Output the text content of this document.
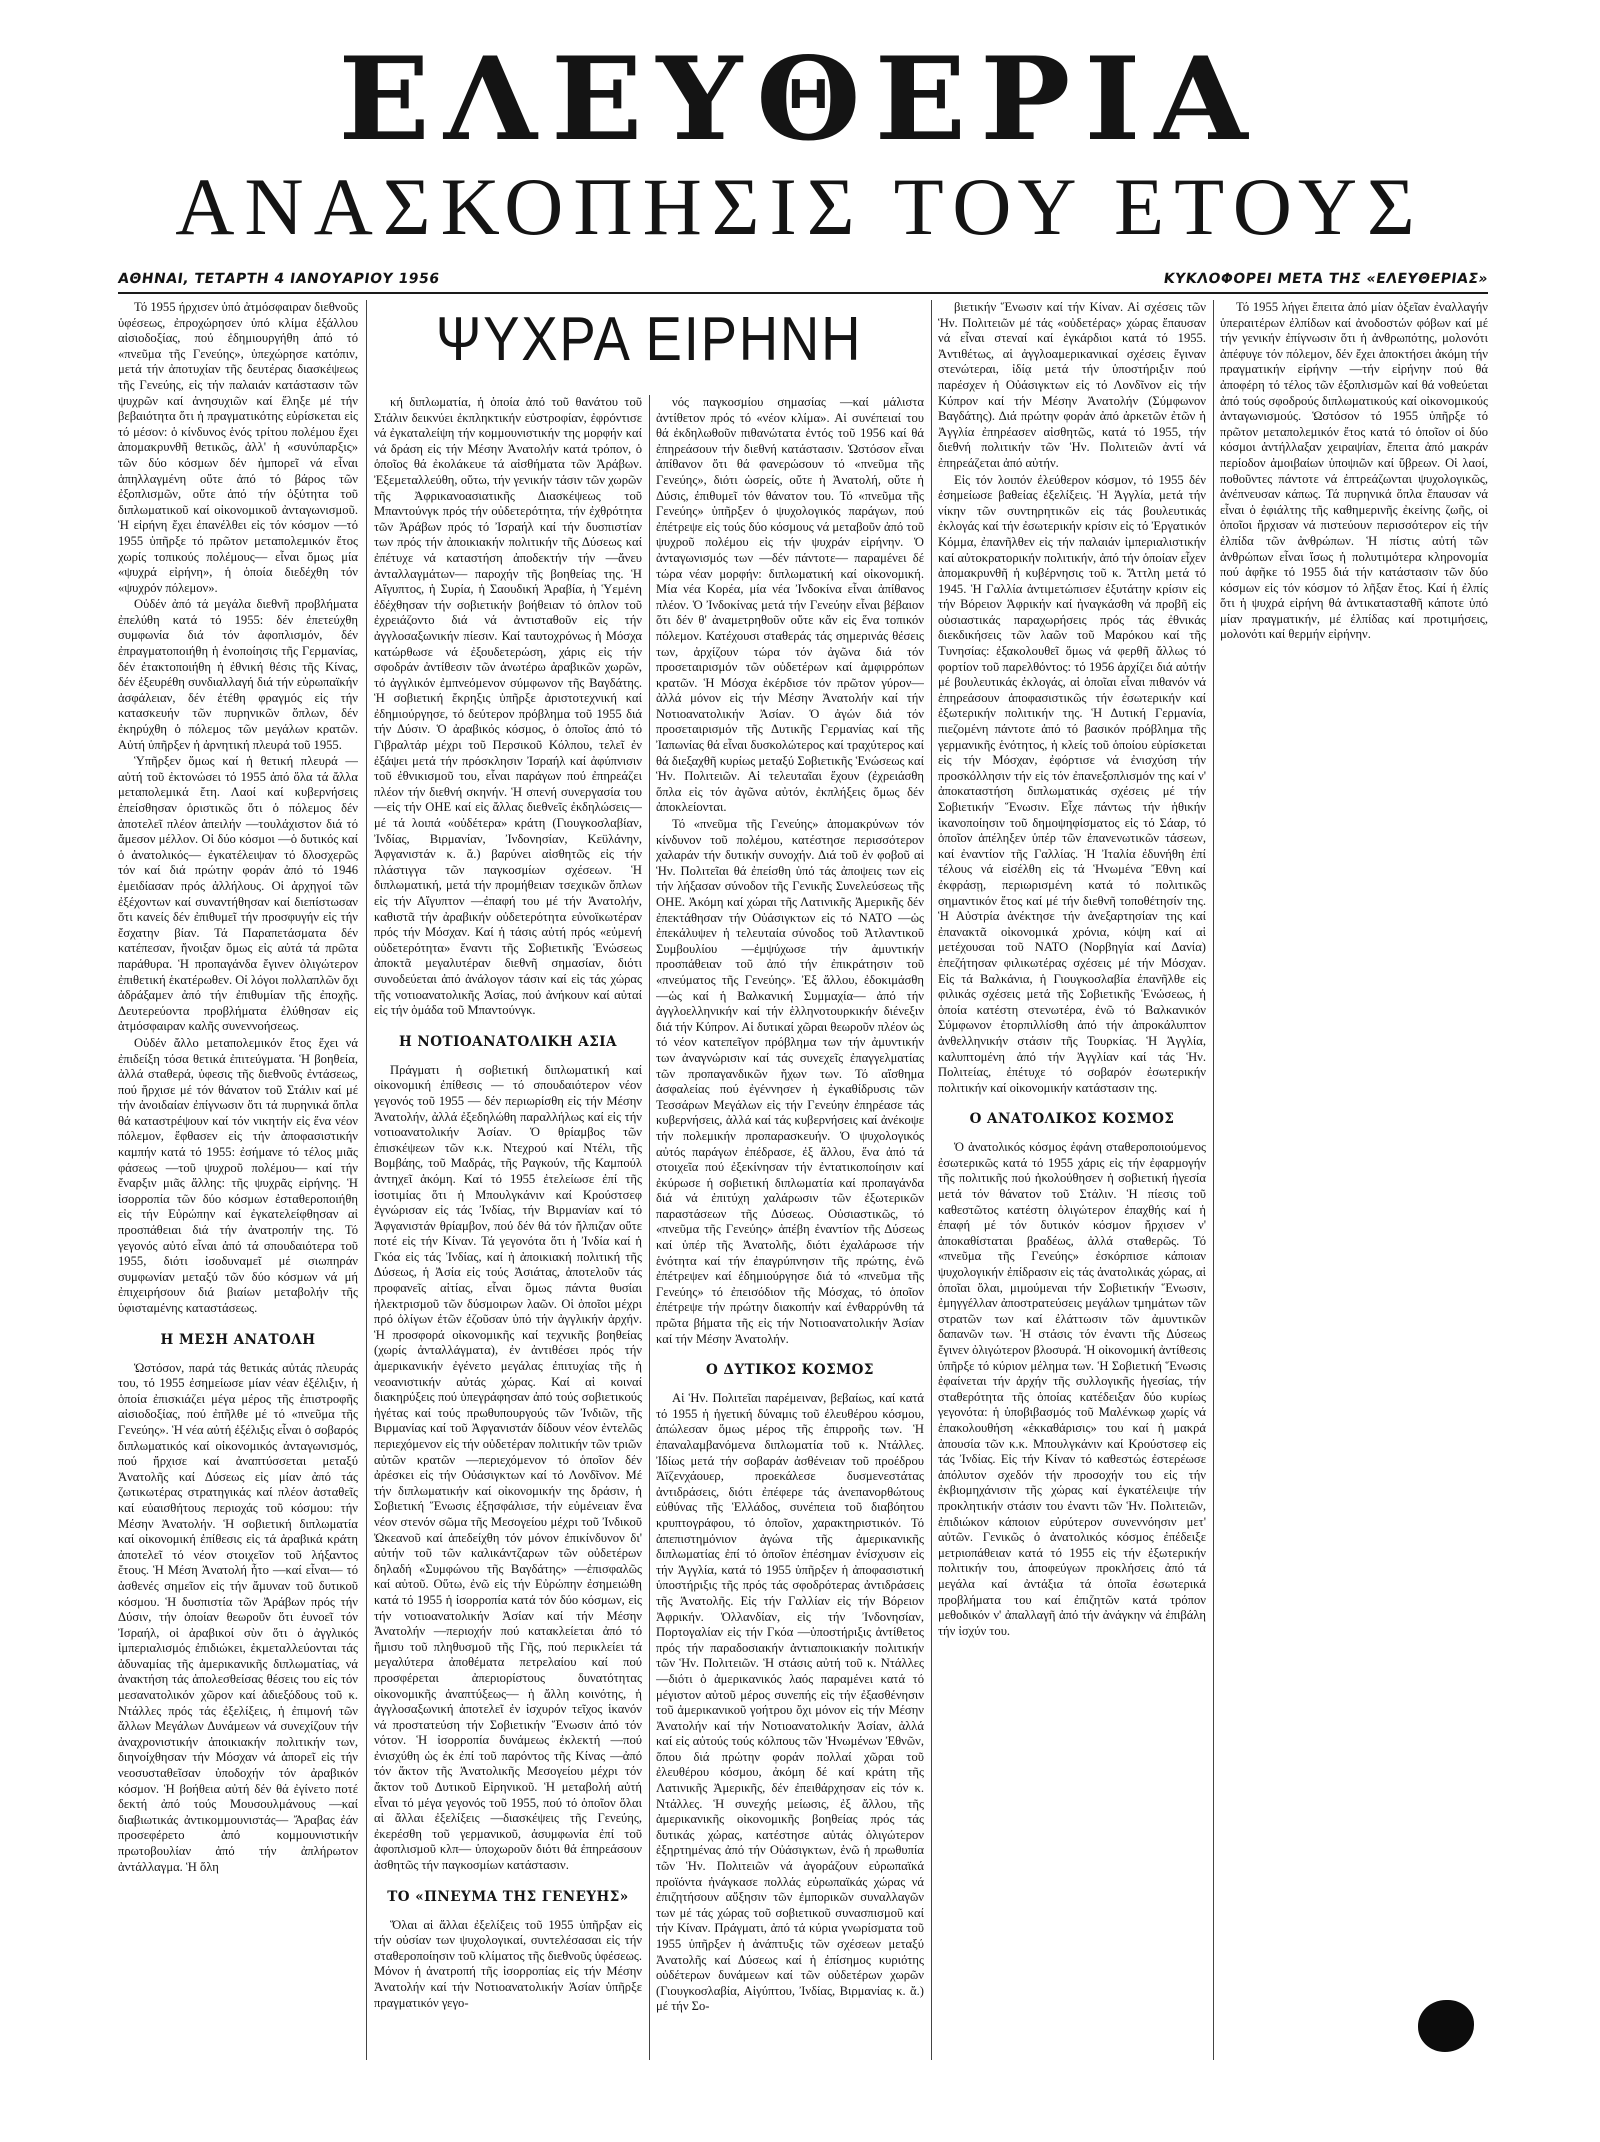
ΕΛΕΥΘΕΡΙΑ
ΑΝΑΣΚΟΠΗΣΙΣ ΤΟΥ ΕΤΟΥΣ
ΑΘΗΝΑΙ, ΤΕΤΑΡΤΗ 4 ΙΑΝΟΥΑΡΙΟΥ 1956	ΚΥΚΛΟΦΟΡΕΙ ΜΕΤΑ ΤΗΣ «ΕΛΕΥΘΕΡΙΑΣ»
ΨΥΧΡΑ ΕΙΡΗΝΗ

Τό 1955 ήρχισεν ὑπό ἀτμόσφαιραν διεθνοῦς ὑφέσεως, ἐπροχώρησεν ὑπό κλίμα ἐξάλλου αἰσιοδοξίας, πού ἐδημιουργήθη ἀπό τό «πνεῦμα τῆς Γενεύης», ὑπεχώρησε κατόπιν, μετά τήν ἀποτυχίαν τῆς δευτέρας διασκέψεως τῆς Γενεύης, εἰς τήν παλαιάν κατάστασιν τῶν ψυχρῶν καί ἀνησυχιῶν καί ἔληξε μέ τήν βεβαιότητα ὅτι ἡ πραγματικότης εὑρίσκεται εἰς τό μέσον: ὁ κίνδυνος ἑνός τρίτου πολέμου ἔχει ἀπομακρυνθῆ θετικῶς, ἀλλ' ἡ «συνύπαρξις» τῶν δύο κόσμων δέν ἠμπορεῖ νά εἶναι ἁπηλλαγμένη οὔτε ἀπό τό βάρος τῶν ἐξοπλισμῶν, οὔτε ἀπό τήν ὀξύτητα τοῦ διπλωματικοῦ καί οἰκονομικοῦ ἀνταγωνισμοῦ. Ἡ εἰρήνη ἔχει ἐπανέλθει εἰς τόν κόσμον —τό 1955 ὑπῆρξε τό πρῶτον μεταπολεμικόν ἔτος χωρίς τοπικούς πολέμους— εἶναι ὅμως μία «ψυχρά εἰρήνη», ἡ ὁποία διεδέχθη τόν «ψυχρόν πόλεμον».

Οὐδέν ἀπό τά μεγάλα διεθνῆ προβλήματα ἐπελύθη κατά τό 1955: δέν ἐπετεύχθη συμφωνία διά τόν ἀφοπλισμόν, δέν ἐπραγματοποιήθη ἡ ἑνοποίησις τῆς Γερμανίας, δέν ἐτακτοποιήθη ἡ ἐθνική θέσις τῆς Κίνας, δέν ἐξευρέθη συνδιαλλαγή διά τήν εὐρωπαϊκήν ἀσφάλειαν, δέν ἐτέθη φραγμός εἰς τήν κατασκευήν τῶν πυρηνικῶν ὅπλων, δέν ἐκηρύχθη ὁ πόλεμος τῶν μεγάλων κρατῶν. Αὐτή ὑπῆρξεν ἡ ἀρνητική πλευρά τοῦ 1955.

Ὑπῆρξεν ὅμως καί ἡ θετική πλευρά — αὐτή τοῦ ἐκτονώσει τό 1955 ἀπό ὅλα τά ἄλλα μεταπολεμικά ἔτη. Λαοί καί κυβερνήσεις ἐπείσθησαν ὁριστικῶς ὅτι ὁ πόλεμος δέν ἀποτελεῖ πλέον ἀπειλήν —τουλάχιστον διά τό ἄμεσον μέλλον. Οἱ δύο κόσμοι —ὁ δυτικός καί ὁ ἀνατολικός— ἐγκατέλειψαν τό δλοσχερῶς τόν καί διά πρώτην φοράν ἀπό τό 1946 ἐμειδίασαν πρός ἀλλήλους. Οἱ ἀρχηγοί τῶν ἐξέχοντων καί συναντήθησαν καί διεπίστωσαν ὅτι κανείς δέν ἐπιθυμεῖ τήν προσφυγήν εἰς τήν ἔσχατην βίαν. Τά Παραπετάσματα δέν κατέπεσαν, ἤνοιξαν ὅμως εἰς αὐτά τά πρῶτα παράθυρα. Ἡ προπαγάνδα ἔγινεν ὀλιγώτερον ἐπιθετική ἑκατέρωθεν. Οἱ λόγοι πολλαπλῶν ὄχι ἀδράξαμεν ἀπό τήν ἐπιθυμίαν τῆς ἐποχῆς. Δευτερεύοντα προβλήματα ἐλύθησαν εἰς ἀτμόσφαιραν καλῆς συνεννοήσεως.

Οὐδέν ἄλλο μεταπολεμικόν ἔτος ἔχει νά ἐπιδείξη τόσα θετικά ἐπιτεύγματα. Ἡ βοηθεία, ἀλλά σταθερά, ὑφεσις τῆς διεθνοῦς ἐντάσεως, πού ἤρχισε μέ τόν θάνατον τοῦ Στάλιν καί μέ τήν ἀνοιδαίαν ἐπίγνωσιν ὅτι τά πυρηνικά ὅπλα θά καταστρέψουν καί τόν νικητήν εἰς ἕνα νέον πόλεμον, ἔφθασεν εἰς τήν ἀποφασιστικήν καμπήν κατά τό 1955: ἐσήμανε τό τέλος μιᾶς φάσεως —τοῦ ψυχροῦ πολέμου— καί τήν ἔναρξιν μιᾶς ἄλλης: τῆς ψυχρᾶς εἰρήνης. Ἡ ἰσορροπία τῶν δύο κόσμων ἐσταθεροποιήθη εἰς τήν Εὐρώπην καί ἐγκατελείφθησαν αἱ προσπάθειαι διά τήν ἀνατροπήν της. Τό γεγονός αὐτό εἶναι ἀπό τά σπουδαιότερα τοῦ 1955, διότι ἰσοδυναμεῖ μέ σιωπηράν συμφωνίαν μεταξύ τῶν δύο κόσμων νά μή ἐπιχειρήσουν διά βιαίων μεταβολήν τῆς ὑφισταμένης καταστάσεως.

Η ΜΕΣΗ ΑΝΑΤΟΛΗ

Ὡστόσον, παρά τάς θετικάς αὐτάς πλευράς του, τό 1955 ἐσημείωσε μίαν νέαν ἐξέλιξιν, ἡ ὁποία ἐπισκιάζει μέγα μέρος τῆς ἐπιστροφῆς αἰσιοδοξίας, πού ἐπῆλθε μέ τό «πνεῦμα τῆς Γενεύης». Ἡ νέα αὐτή ἐξέλιξις εἶναι ὁ σοβαρός διπλωματικός καί οἰκονομικός ἀνταγωνισμός, πού ἤρχισε καί ἀναπτύσσεται μεταξύ Ἀνατολῆς καί Δύσεως εἰς μίαν ἀπό τάς ζωτικωτέρας στρατηγικάς καί πλέον ἀσταθεῖς καί εὐαισθήτους περιοχάς τοῦ κόσμου: τήν Μέσην Ἀνατολήν. Ἡ σοβιετική διπλωματία καί οἰκονομική ἐπίθεσις εἰς τά ἀραβικά κράτη ἀποτελεῖ τό νέον στοιχεῖον τοῦ λήξαντος ἔτους. Ἡ Μέση Ἀνατολή ἦτο —καί εἶναι— τό ἀσθενές σημεῖον εἰς τήν ἄμυναν τοῦ δυτικοῦ κόσμου. Ἡ δυσπιστία τῶν Ἀράβων πρός τήν Δύσιν, τήν ὁποίαν θεωροῦν ὅτι ἐυνοεῖ τόν Ἰσραήλ, οἱ ἀραβικοί σὺν ὅτι ὁ ἀγγλικός ἰμπεριαλισμός ἐπιδιώκει, ἐκμεταλλεύονται τάς ἀδυναμίας τῆς ἀμερικανικῆς διπλωματίας, νά ἀνακτήση τάς ἀπολεσθείσας θέσεις του εἰς τόν μεσανατολικόν χῶρον καί ἀδιεξόδους τοῦ κ. Ντάλλες πρός τάς ἐξελίξεις, ἡ ἐπιμονή τῶν ἄλλων Μεγάλων Δυνάμεων νά συνεχίζουν τήν ἀναχρονιστικήν ἀποικιακήν πολιτικήν των, διηνοίχθησαν τήν Μόσχαν νά ἀπορεῖ εἰς τήν νεοσυσταθεῖσαν ὑποδοχήν τόν ἀραβικόν κόσμον. Ἡ βοήθεια αὐτή δέν θά ἐγίνετο ποτέ δεκτή ἀπό τούς Μουσουλμάνους —καί διαβιωτικάς ἀντικομμουνιστάς— Ἄραβας ἐάν προσεφέρετο ἀπό κομμουνιστικήν πρωτοβουλίαν ἀπό τήν ἀπλήρωτον ἀντάλλαγμα. Ἡ ὅλη

κή διπλωματία, ἡ ὁποία ἀπό τοῦ θανάτου τοῦ Στάλιν δεικνύει ἐκπληκτικήν εὐστροφίαν, ἐφρόντισε νά ἐγκαταλείψη τήν κομμουνιστικήν της μορφήν καί νά δράση εἰς τήν Μέσην Ἀνατολήν κατά τρόπον, ὁ ὁποῖος θά ἐκολάκευε τά αἰσθήματα τῶν Ἀράβων. Ἐξεμεταλλεύθη, οὕτω, τήν γενικήν τάσιν τῶν χωρῶν τῆς Ἀφρικανοασιατικῆς Διασκέψεως τοῦ Μπαντούνγκ πρός τήν οὐδετερότητα, τήν ἐχθρότητα τῶν Ἀράβων πρός τό Ἰσραήλ καί τήν δυσπιστίαν των πρός τήν ἀποικιακήν πολιτικήν τῆς Δύσεως καί ἐπέτυχε νά καταστήση ἀποδεκτήν τήν —ἄνευ ἀνταλλαγμάτων— παροχήν τῆς βοηθείας της. Ἡ Αἴγυπτος, ἡ Συρία, ἡ Σαουδική Ἀραβία, ἡ Ὑεμένη ἐδέχθησαν τήν σοβιετικήν βοήθειαν τό ὁπλον τοῦ ἐχρειάζοντο διά νά ἀντισταθοῦν εἰς τήν ἀγγλοσαξωνικήν πίεσιν. Καί ταυτοχρόνως ἡ Μόσχα κατώρθωσε νά ἐξουδετερώση, χάρις εἰς τήν σφοδράν ἀντίθεσιν τῶν ἀνωτέρω ἀραβικῶν χωρῶν, τό ἀγγλικόν ἐμπνεόμενον σύμφωνον τῆς Βαγδάτης. Ἡ σοβιετική ἔκρηξις ὑπῆρξε ἀριστοτεχνική καί ἐδημιούργησε, τό δεύτερον πρόβλημα τοῦ 1955 διά τήν Δύσιν. Ὁ ἀραβικός κόσμος, ὁ ὁποῖος ἀπό τό Γιβραλτάρ μέχρι τοῦ Περσικοῦ Κόλπου, τελεῖ ἐν ἐξάψει μετά τήν πρόσκλησιν Ἰσραήλ καί ἀφύπνισιν τοῦ ἐθνικισμοῦ του, εἶναι παράγων πού ἐπηρεάζει πλέον τήν διεθνή σκηνήν. Ἡ σπενή συνεργασία του —εἰς τήν ΟΗΕ καί εἰς ἄλλας διεθνεῖς ἐκδηλώσεις— μέ τά λοιπά «οὐδέτερα» κράτη (Γιουγκοσλαβίαν, Ἰνδίας, Βιρμανίαν, Ἰνδονησίαν, Κεϋλάνην, Ἀφγανιστάν κ. ἄ.) βαρύνει αἰσθητῶς εἰς τήν πλάστιγγα τῶν παγκοσμίων σχέσεων. Ἡ διπλωματική, μετά τήν προμήθειαν τσεχικῶν ὅπλων εἰς τήν Αἴγυπτον —ἐπαφή του μέ τήν Ἀνατολήν, καθιστᾶ τήν ἀραβικήν οὐδετερότητα εὐνοϊκωτέραν πρός τήν Μόσχαν. Καί ἡ τάσις αὐτή πρός «εὐμενή οὐδετερότητα» ἔναντι τῆς Σοβιετικῆς Ἑνώσεως ἀποκτᾶ μεγαλυτέραν διεθνῆ σημασίαν, διότι συνοδεύεται ἀπό ἀνάλογον τάσιν καί εἰς τάς χώρας τῆς νοτιοανατολικῆς Ἀσίας, πού ἀνήκουν καί αὐταί εἰς τήν ὁμάδα τοῦ Μπαντούνγκ.

Η ΝΟΤΙΟΑΝΑΤΟΛΙΚΗ ΑΣΙΑ

Πράγματι ἡ σοβιετική διπλωματική καί οἰκονομική ἐπίθεσις — τό σπουδαιότερον νέον γεγονός τοῦ 1955 — δέν περιωρίσθη εἰς τήν Μέσην Ἀνατολήν, ἀλλά ἐξεδηλώθη παραλλήλως καί εἰς τήν νοτιοανατολικήν Ἀσίαν. Ὁ θρίαμβος τῶν ἐπισκέψεων τῶν κ.κ. Ντεχρού καί Ντέλι, τῆς Βομβάης, τοῦ Μαδράς, τῆς Ραγκούν, τῆς Καμπούλ ἀντηχεῖ ἀκόμη. Καί τό 1955 ἐτελείωσε ἐπί τῆς ἰσοτιμίας ὅτι ἡ Μπουλγκάνιν καί Κρούστσεφ ἐγνώρισαν εἰς τάς Ἰνδίας, τήν Βιρμανίαν καί τό Ἀφγανιστάν θρίαμβον, πού δέν θά τόν ἤλπιζαν οὔτε ποτέ εἰς τήν Κίναν. Τά γεγονότα ὅτι ἡ Ἰνδία καί ἡ Γκόα εἰς τάς Ἰνδίας, καί ἡ ἀποικιακή πολιτική τῆς Δύσεως, ἡ Ἀσία εἰς τούς Ἀσιάτας, ἀποτελοῦν τάς προφανεῖς αἰτίας, εἶναι ὅμως πάντα θυσίαι ἠλεκτρισμοῦ τῶν δύσμοιρων λαῶν. Οἱ ὁποῖοι μέχρι πρό ὀλίγων ἐτῶν ἐζοῦσαν ὑπό τήν ἀγγλικήν ἀρχήν. Ἡ προσφορά οἰκονομικῆς καί τεχνικῆς βοηθείας (χωρίς ἀνταλλάγματα), ἐν ἀντιθέσει πρός τήν ἀμερικανικήν ἐγένετο μεγάλας ἐπιτυχίας τῆς ἡ νεοανιστικήν αὐτάς χώρας. Καί αἱ κοιναί διακηρύξεις πού ὑπεγράφησαν ἀπό τούς σοβιετικούς ἡγέτας καί τούς πρωθυπουργούς τῶν Ἰνδιῶν, τῆς Βιρμανίας καί τοῦ Ἀφγανιστάν δίδουν νέον ἐντελῶς περιεχόμενον εἰς τήν οὐδετέραν πολιτικήν τῶν τριῶν αὐτῶν κρατῶν —περιεχόμενον τό ὁποῖον δέν ἀρέσκει εἰς τήν Οὐάσιγκτων καί τό Λονδῖνον. Μέ τήν διπλωματικήν καί οἰκονομικήν της δράσιν, ἡ Σοβιετική Ἕνωσις ἐξησφάλισε, τήν εὐμένειαν ἕνα νέον στενόν σῶμα τῆς Μεσογείου μέχρι τοῦ Ἰνδικοῦ Ὠκεανοῦ καί ἀπεδείχθη τόν μόνον ἐπικίνδυνον δι' αὐτήν τοῦ τῶν καλικάντζαρων τῶν οὐδετέρων δηλαδή «Συμφώνου τῆς Βαγδάτης» —ἐπισφαλῶς καί αὐτοῦ. Οὕτω, ἐνῶ εἰς τήν Εὐρώπην ἐσημειώθη κατά τό 1955 ἡ ἰσορροπία κατά τόν δύο κόσμων, εἰς τήν νοτιοανατολικήν Ἀσίαν καί τήν Μέσην Ἀνατολήν —περιοχήν πού κατακλείεται ἀπό τό ἥμισυ τοῦ πληθυσμοῦ τῆς Γῆς, πού περικλείει τά μεγαλύτερα ἀποθέματα πετρελαίου καί πού προσφέρεται ἀπεριορίστους δυνατότητας οἰκονομικῆς ἀναπτύξεως— ἡ ἄλλη κοινότης, ἡ ἀγγλοσαξωνική ἀποτελεῖ ἐν ἰσχυρόν τεῖχος ἱκανόν νά προστατεύση τήν Σοβιετικήν Ἕνωσιν ἀπό τόν νότον. Ἡ ἰσορροπία δυνάμεως ἐκλεκτή —πού ἐνισχύθη ὡς ἐκ ἐπί τοῦ παρόντος τῆς Κίνας —ἀπό τόν ἄκτον τῆς Ἀνατολικῆς Μεσογείου μέχρι τόν ἄκτον τοῦ Δυτικοῦ Εἰρηνικοῦ. Ἡ μεταβολή αὐτή εἶναι τό μέγα γεγονός τοῦ 1955, πού τό ὁποῖον ὅλαι αἱ ἄλλαι ἐξελίξεις —διασκέψεις τῆς Γενεύης, ἐκερέσθη τοῦ γερμανικοῦ, ἀσυμφωνία ἐπί τοῦ ἀφοπλισμοῦ κλπ— ὑποχωροῦν διότι θά ἐπηρεάσουν ἀσθητῶς τήν παγκοσμίων κατάστασιν.

ΤΟ «ΠΝΕΥΜΑ ΤΗΣ ΓΕΝΕΥΗΣ»

Ὅλαι αἱ ἄλλαι ἐξελίξεις τοῦ 1955 ὑπῆρξαν εἰς τήν οὐσίαν των ψυχολογικαί, συντελέσασαι εἰς τήν σταθεροποίησιν τοῦ κλίματος τῆς διεθνοῦς ὑφέσεως. Μόνον ἡ ἀνατροπή τῆς ἰσορροπίας εἰς τήν Μέσην Ἀνατολήν καί τήν Νοτιοανατολικήν Ἀσίαν ὑπῆρξε πραγματικόν γεγο-

νός παγκοσμίου σημασίας —καί μάλιστα ἀντίθετον πρός τό «νέον κλίμα». Αἱ συνέπειαί του θά ἐκδηλωθοῦν πιθανώτατα ἐντός τοῦ 1956 καί θά ἐπηρεάσουν τήν διεθνή κατάστασιν. Ὡστόσον εἶναι ἀπίθανον ὅτι θά φανερώσουν τό «πνεῦμα τῆς Γενεύης», διότι ὡσρείς, οὔτε ἡ Ἀνατολή, οὔτε ἡ Δύσις, ἐπιθυμεῖ τόν θάνατον του. Τό «πνεῦμα τῆς Γενεύης» ὑπῆρξεν ὁ ψυχολογικός παράγων, πού ἐπέτρεψε εἰς τούς δύο κόσμους νά μεταβοῦν ἀπό τοῦ ψυχροῦ πολέμου εἰς τήν ψυχράν εἰρήνην. Ὁ ἀνταγωνισμός των —δέν πάντοτε— παραμένει δέ τώρα νέαν μορφήν: διπλωματική καί οἰκονομική. Μία νέα Κορέα, μία νέα Ἰνδοκίνα εἶναι ἀπίθανος πλέον. Ὁ Ἰνδοκίνας μετά τήν Γενεύην εἶναι βέβαιον ὅτι δέν θ' ἀναμετρηθοῦν οὔτε κἄν εἰς ἕνα τοπικόν πόλεμον. Κατέχουσι σταθεράς τάς σημερινάς θέσεις των, ἀρχίζουν τώρα τόν ἀγῶνα διά τόν προσεταιρισμόν τῶν οὐδετέρων καί ἀμφιρρόπων κρατῶν. Ἡ Μόσχα ἐκέρδισε τόν πρῶτον γύρον—ἀλλά μόνον εἰς τήν Μέσην Ἀνατολήν καί τήν Νοτιοανατολικήν Ἀσίαν. Ὁ ἀγών διά τόν προσεταιρισμόν τῆς Δυτικῆς Γερμανίας καί τῆς Ἰαπωνίας θά εἶναι δυσκολώτερος καί τραχύτερος καί θά διεξαχθῆ κυρίως μεταξύ Σοβιετικῆς Ἑνώσεως καί Ἡν. Πολιτειῶν. Αἱ τελευταῖαι ἔχουν (ἐχρειάσθη ὅπλα εἰς τόν ἀγῶνα αὐτόν, ἐκπλήξεις ὅμως δέν ἀποκλείονται.

Τό «πνεῦμα τῆς Γενεύης» ἀπομακρύνων τόν κίνδυνον τοῦ πολέμου, κατέστησε περισσότερον χαλαράν τήν δυτικήν συνοχήν. Διά τοῦ ἐν φοβοῦ αἱ Ἡν. Πολιτεῖαι θά ἐπείσθη ὑπό τάς ἀποψεις των εἰς τήν λήξασαν σύνοδον τῆς Γενικῆς Συνελεύσεως τῆς ΟΗΕ. Ἀκόμη καί χώραι τῆς Λατινικῆς Ἀμερικῆς δέν ἐπεκτάθησαν τήν Οὐάσιγκτων εἰς τό ΝΑΤΟ —ὡς ἐπεκάλυψεν ἡ τελευταία σύνοδος τοῦ Ἀτλαντικοῦ Συμβουλίου —ἐμψύχωσε τήν ἀμυντικήν προσπάθειαν τοῦ ἀπό τήν ἐπικράτησιν τοῦ «πνεύματος τῆς Γενεύης». Ἐξ ἄλλου, ἐδοκιμάσθη —ὡς καί ἡ Βαλκανική Συμμαχία— ἀπό τήν ἀγγλοελληνικήν καί τήν ἑλληνοτουρκικήν διένεξιν διά τήν Κύπρον. Αἱ δυτικαί χῶραι θεωροῦν πλέον ὡς τό νέον κατεπεῖγον πρόβλημα των τήν ἀμυντικήν των ἀναγνώρισιν καί τάς συνεχεῖς ἐπαγγελματίας τῶν προπαγανδικῶν ἤχων των. Τό αἴσθημα ἀσφαλείας πού ἐγέννησεν ἡ ἐγκαθίδρυσις τῶν Τεσσάρων Μεγάλων εἰς τήν Γενεύην ἐπηρέασε τάς κυβερνήσεις, ἀλλά καί τάς κυβερνήσεις καί ἀνέκοψε τήν πολεμικήν προπαρασκευήν. Ὁ ψυχολογικός αὐτός παράγων ἐπέδρασε, ἐξ ἄλλου, ἕνα ἀπό τά στοιχεῖα πού ἐξεκίνησαν τήν ἐντατικοποίησιν καί ἐκύρωσε ἡ σοβιετική διπλωματία καί προπαγάνδα διά νά ἐπιτύχη χαλάρωσιν τῶν ἐξωτερικῶν παραστάσεων τῆς Δύσεως. Οὐσιαστικῶς, τό «πνεῦμα τῆς Γενεύης» ἀπέβη ἐναντίον τῆς Δύσεως καί ὑπέρ τῆς Ἀνατολῆς, διότι ἐχαλάρωσε τήν ἑνότητα καί τήν ἐπαγρύπνησιν τῆς πρώτης, ἐνῶ ἐπέτρεψεν καί ἐδημιούργησε διά τό «πνεῦμα τῆς Γενεύης» τό ἐπεισόδιον τῆς Μόσχας, τό ὁποῖον ἐπέτρεψε τήν πρώτην διακοπήν καί ἐνθαρρύνθη τά πρῶτα βήματα τῆς εἰς τήν Νοτιοανατολικήν Ἀσίαν καί τήν Μέσην Ἀνατολήν.

Ο ΔΥΤΙΚΟΣ ΚΟΣΜΟΣ

Αἱ Ἡν. Πολιτεῖαι παρέμειναν, βεβαίως, καί κατά τό 1955 ἡ ἡγετική δύναμις τοῦ ἐλευθέρου κόσμου, ἀπώλεσαν ὅμως μέρος τῆς ἐπιρροῆς των. Ἡ ἐπαναλαμβανόμενα διπλωματία τοῦ κ. Ντάλλες. Ἰδίως μετά τήν σοβαράν ἀσθένειαν τοῦ προέδρου Ἀϊζενχάουερ, προεκάλεσε δυσμενεστάτας ἀντιδράσεις, διότι ἐπέφερε τάς ἀνεπανορθώτους εὐθύνας τῆς Ἑλλάδος, συνέπεια τοῦ διαβόητου κρυπτογράφου, τό ὁποῖον, χαρακτηριστικόν. Τό ἀπεπιστημόνιον ἀγώνα τῆς ἀμερικανικῆς διπλωματίας ἐπί τό ὁποῖον ἐπέσημαν ἐνίσχυσιν εἰς τήν Ἀγγλία, κατά τό 1955 ὑπῆρξεν ἡ ἀποφασιστική ὑποστήριξις τῆς πρός τάς σφοδρότερας ἀντιδράσεις τῆς Ἀνατολῆς. Εἰς τήν Γαλλίαν εἰς τήν Βόρειον Ἀφρικήν. Ὁλλανδίαν, εἰς τήν Ἰνδονησίαν, Πορτογαλίαν εἰς τήν Γκόα —ὑποστήριξις ἀντίθετος πρός τήν παραδοσιακήν ἀντιαποικιακήν πολιτικήν τῶν Ἡν. Πολιτειῶν. Ἡ στάσις αὐτή τοῦ κ. Ντάλλες —διότι ὁ ἀμερικανικός λαός παραμένει κατά τό μέγιστον αὐτοῦ μέρος συνεπής εἰς τήν ἐξασθένησιν τοῦ ἀμερικανικοῦ γοήτρου ὄχι μόνον εἰς τήν Μέσην Ἀνατολήν καί τήν Νοτιοανατολικήν Ἀσίαν, ἀλλά καί εἰς αὐτούς τούς κόλπους τῶν Ἡνωμένων Ἐθνῶν, ὅπου διά πρώτην φοράν πολλαί χῶραι τοῦ ἐλευθέρου κόσμου, ἀκόμη δέ καί κράτη τῆς Λατινικῆς Ἀμερικῆς, δέν ἐπειθάρχησαν εἰς τόν κ. Ντάλλες. Ἡ συνεχής μείωσις, ἐξ ἄλλου, τῆς ἀμερικανικῆς οἰκονομικῆς βοηθείας πρός τάς δυτικάς χώρας, κατέστησε αὐτάς ὀλιγώτερον ἐξηρτημένας ἀπό τήν Οὐάσιγκτων, ἐνῶ ἡ πρωθυπία τῶν Ἡν. Πολιτειῶν νά ἀγοράζουν εὐρωπαϊκά προϊόντα ἠνάγκασε πολλάς εὐρωπαϊκάς χώρας νά ἐπιζητήσουν αὔξησιν τῶν ἐμπορικῶν συναλλαγῶν των μέ τάς χώρας τοῦ σοβιετικοῦ συνασπισμοῦ καί τήν Κίναν. Πράγματι, ἀπό τά κύρια γνωρίσματα τοῦ 1955 ὑπῆρξεν ἡ ἀνάπτυξις τῶν σχέσεων μεταξύ Ἀνατολῆς καί Δύσεως καί ἡ ἐπίσημος κυριότης οὐδέτερων δυνάμεων καί τῶν οὐδετέρων χωρῶν (Γιουγκοσλαβία, Αἰγύπτου, Ἰνδίας, Βιρμανίας κ. ἄ.) μέ τήν Σο-

βιετικήν Ἕνωσιν καί τήν Κίναν. Αἱ σχέσεις τῶν Ἡν. Πολιτειῶν μέ τάς «οὐδετέρας» χώρας ἔπαυσαν νά εἶναι στεναί καί ἐγκάρδιοι κατά τό 1955. Ἀντιθέτως, αἱ ἀγγλοαμερικανικαί σχέσεις ἔγιναν στενώτεραι, ἰδίᾳ μετά τήν ὑποστήριξιν πού παρέσχεν ἡ Οὐάσιγκτων εἰς τό Λονδῖνον εἰς τήν Κύπρον καί τήν Μέσην Ἀνατολήν (Σύμφωνον Βαγδάτης). Διά πρώτην φοράν ἀπό ἀρκετῶν ἐτῶν ἡ Ἀγγλία ἐπηρέασεν αἰσθητῶς, κατά τό 1955, τήν διεθνή πολιτικήν τῶν Ἡν. Πολιτειῶν ἀντί νά ἐπηρεάζεται ἀπό αὐτήν.

Εἰς τόν λοιπόν ἐλεύθερον κόσμον, τό 1955 δέν ἐσημείωσε βαθείας ἐξελίξεις. Ἡ Ἀγγλία, μετά τήν νίκην τῶν συντηρητικῶν εἰς τάς βουλευτικάς ἐκλογάς καί τήν ἐσωτερικήν κρίσιν εἰς τό Ἐργατικόν Κόμμα, ἐπανῆλθεν εἰς τήν παλαιάν ἰμπεριαλιστικήν καί αὐτοκρατορικήν πολιτικήν, ἀπό τήν ὁποίαν εἶχεν ἀπομακρυνθῆ ἡ κυβέρνησις τοῦ κ. Ἄττλη μετά τό 1945. Ἡ Γαλλία ἀντιμετώπισεν ἐξυτάτην κρίσιν εἰς τήν Βόρειον Ἀφρικήν καί ἠναγκάσθη νά προβῆ εἰς οὐσιαστικάς παραχωρήσεις πρός τάς ἐθνικάς διεκδικήσεις τῶν λαῶν τοῦ Μαρόκου καί τῆς Τυνησίας: ἐξακολουθεῖ ὅμως νά φερθῆ ἄλλως τό φορτίον τοῦ παρελθόντος: τό 1956 ἀρχίζει διά αὐτήν μέ βουλευτικάς ἐκλογάς, αἱ ὁποῖαι εἶναι πιθανόν νά ἐπηρεάσουν ἀποφασιστικῶς τήν ἐσωτερικήν καί ἐξωτερικήν πολιτικήν της. Ἡ Δυτική Γερμανία, πιεζομένη πάντοτε ἀπό τό βασικόν πρόβλημα τῆς γερμανικῆς ἑνότητος, ἡ κλείς τοῦ ὁποίου εὑρίσκεται εἰς τήν Μόσχαν, ἐφόρτισε νά ἐνισχύση τήν προσκόλλησιν τήν εἰς τόν ἐπανεξοπλισμόν της καί ν' ἀποκαταστήση διπλωματικάς σχέσεις μέ τήν Σοβιετικήν Ἕνωσιν. Εἶχε πάντως τήν ἠθικήν ἱκανοποίησιν τοῦ δημοψηφίσματος εἰς τό Σάαρ, τό ὁποῖον ἀπέληξεν ὑπέρ τῶν ἐπανενωτικῶν τάσεων, καί ἐναντίον τῆς Γαλλίας. Ἡ Ἰταλία ἐδυνήθη ἐπί τέλους νά εἰσέλθη εἰς τά Ἡνωμένα Ἔθνη καί ἐκφράσῃ, περιωρισμένη κατά τό πολιτικῶς σημαντικόν ἔτος καί μέ τήν διεθνῆ τοποθέτησίν της. Ἡ Αὐστρία ἀνέκτησε τήν ἀνεξαρτησίαν της καί ἐπανακτᾶ οἰκονομικά χρόνια, κόψη καί αἱ μετέχουσαι τοῦ ΝΑΤΟ (Νορβηγία καί Δανία) ἐπεζήτησαν φιλικωτέρας σχέσεις μέ τήν Μόσχαν. Εἰς τά Βαλκάνια, ἡ Γιουγκοσλαβία ἐπανῆλθε εἰς φιλικάς σχέσεις μετά τῆς Σοβιετικῆς Ἑνώσεως, ἡ ὁποία κατέστη στενωτέρα, ἐνῶ τό Βαλκανικόν Σύμφωνον ἐτορπιλλίσθη ἀπό τήν ἀπροκάλυπτον ἀνθελληνικήν στάσιν τῆς Τουρκίας. Ἡ Ἀγγλία, καλυπτομένη ἀπό τήν Ἀγγλίαν καί τάς Ἡν. Πολιτείας, ἐπέτυχε τό σοβαρόν ἐσωτερικήν πολιτικήν καί οἰκονομικήν κατάστασιν της.

Ο ΑΝΑΤΟΛΙΚΟΣ ΚΟΣΜΟΣ

Ὁ ἀνατολικός κόσμος ἐφάνη σταθεροποιούμενος ἐσωτερικῶς κατά τό 1955 χάρις εἰς τήν ἐφαρμογήν τῆς πολιτικῆς πού ἠκολούθησεν ἡ σοβιετική ἡγεσία μετά τόν θάνατον τοῦ Στάλιν. Ἡ πίεσις τοῦ καθεστῶτος κατέστη ὀλιγώτερον ἐπαχθής καί ἡ ἐπαφή μέ τόν δυτικόν κόσμον ἤρχισεν ν' ἀποκαθίσταται βραδέως, ἀλλά σταθερῶς. Τό «πνεῦμα τῆς Γενεύης» ἐσκόρπισε κάποιαν ψυχολογικήν ἐπίδρασιν εἰς τάς ἀνατολικάς χώρας, αἱ ὁποῖαι ὅλαι, μιμούμεναι τήν Σοβιετικήν Ἕνωσιν, ἐμηγγέλλαν ἀποστρατεύσεις μεγάλων τμημάτων τῶν στρατῶν των καί ἐλάττωσιν τῶν ἀμυντικῶν δαπανῶν των. Ἡ στάσις τόν ἐναντι τῆς Δύσεως ἔγινεν ὀλιγώτερον βλοσυρά. Ἡ οἰκονομική ἀντίθεσις ὑπῆρξε τό κύριον μέλημα των. Ἡ Σοβιετική Ἕνωσις ἐφαίνεται τήν ἀρχήν τῆς συλλογικῆς ἡγεσίας, τήν σταθερότητα τῆς ὁποίας κατέδειξαν δύο κυρίως γεγονότα: ἡ ὑποβιβασμός τοῦ Μαλένκωφ χωρίς νά ἐπακολουθήση «ἐκκαθάρισις» του καί ἡ μακρά ἀπουσία τῶν κ.κ. Μπουλγκάνιν καί Κρούστσεφ εἰς τάς Ἰνδίας. Εἰς τήν Κίναν τό καθεστώς ἐστερέωσε ἀπόλυτον σχεδόν τήν προσοχήν του εἰς τήν ἐκβιομηχάνισιν τῆς χώρας καί ἐγκατέλειψε τήν προκλητικήν στάσιν του ἐναντι τῶν Ἡν. Πολιτειῶν, ἐπιδιώκον κάποιον εὐρύτερον συνεννόησιν μετ' αὐτῶν. Γενικῶς ὁ ἀνατολικός κόσμος ἐπέδειξε μετριοπάθειαν κατά τό 1955 εἰς τήν ἐξωτερικήν πολιτικήν του, ἀποφεύγων προκλήσεις ἀπό τά μεγάλα καί ἀντάξια τά ὁποῖα ἐσωτερικά προβλήματα του καί ἐπιζητῶν κατά τρόπον μεθοδικόν ν' ἀπαλλαγῆ ἀπό τήν ἀνάγκην νά ἐπιβάλη τήν ἰσχύν του.

Τό 1955 λήγει ἔπειτα ἀπό μίαν ὀξεῖαν ἐναλλαγήν ὑπεραιτέρων ἐλπίδων καί ἀνοδοστών φόβων καί μέ τήν γενικήν ἐπίγνωσιν ὅτι ἡ ἀνθρωπότης, μολονότι ἀπέφυγε τόν πόλεμον, δέν ἔχει ἀποκτήσει ἀκόμη τήν πραγματικήν εἰρήνην —τήν εἰρήνην πού θά ἀποφέρη τό τέλος τῶν ἐξοπλισμῶν καί θά νοθεύεται ἀπό τούς σφοδρούς διπλωματικούς καί οἰκονομικούς ἀνταγωνισμούς. Ὡστόσον τό 1955 ὑπῆρξε τό πρῶτον μεταπολεμικόν ἔτος κατά τό ὁποῖον οἱ δύο κόσμοι ἀντήλλαξαν χειραψίαν, ἔπειτα ἀπό μακράν περίοδον ἀμοιβαίων ὑποψιῶν καί ὕβρεων. Οἱ λαοί, ποθοῦντες πάντοτε νά ἐπτρεάζωνται ψυχολογικῶς, ἀνέπνευσαν κάπως. Τά πυρηνικά ὅπλα ἔπαυσαν νά εἶναι ὁ ἐφιάλτης τῆς καθημερινῆς ἐκείνης ζωῆς, οἱ ὁποῖοι ἤρχισαν νά πιστεύουν περισσότερον εἰς τήν ἐλπίδα τῶν ἀνθρώπων. Ἡ πίστις αὐτή τῶν ἀνθρώπων εἶναι ἴσως ἡ πολυτιμότερα κληρονομία πού ἀφῆκε τό 1955 διά τήν κατάστασιν τῶν δύο κόσμων εἰς τόν κόσμον τό λῆξαν ἔτος. Καί ἡ ἐλπίς ὅτι ἡ ψυχρά εἰρήνη θά ἀντικατασταθῆ κάποτε ὑπό μίαν πραγματικήν, μέ ἐλπίδας καί προτιμήσεις, μολονότι καί θερμήν εἰρήνην.
